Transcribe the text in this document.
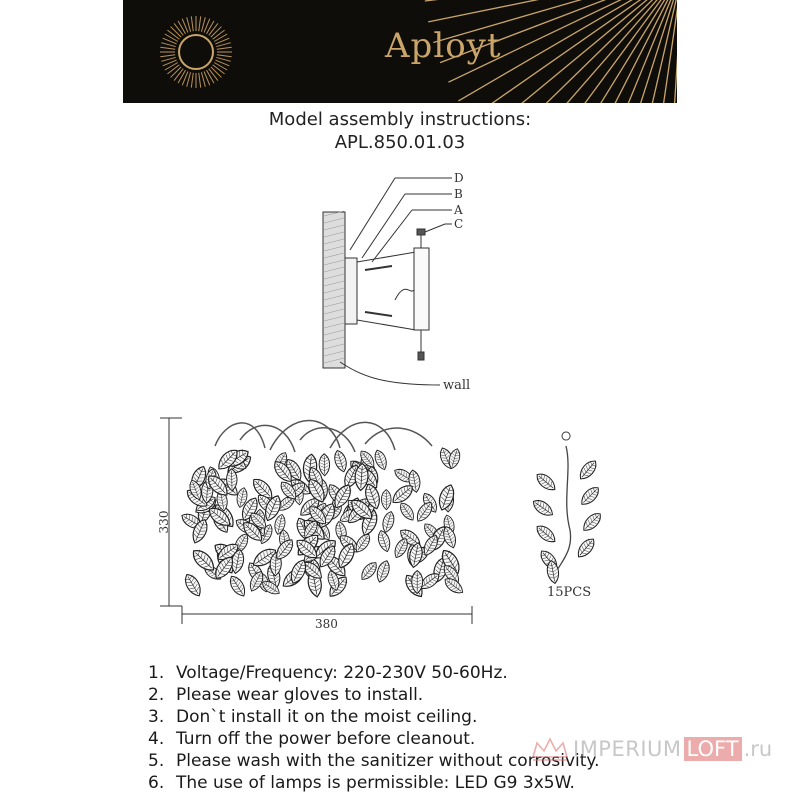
Aployt
Model assembly instructions:
APL.850.01.03
D
B
A
C
wall
330
380
15PCS
1. Voltage/Frequency: 220-230V 50-60Hz.
2. Please wear gloves to install.
3. Don`t install it on the moist ceiling.
4. Turn off the power before cleanout.
5. Please wash with the sanitizer without corrosivity.
6. The use of lamps is permissible: LED G9 3x5W.
IMPERIUM LOFT .ru
